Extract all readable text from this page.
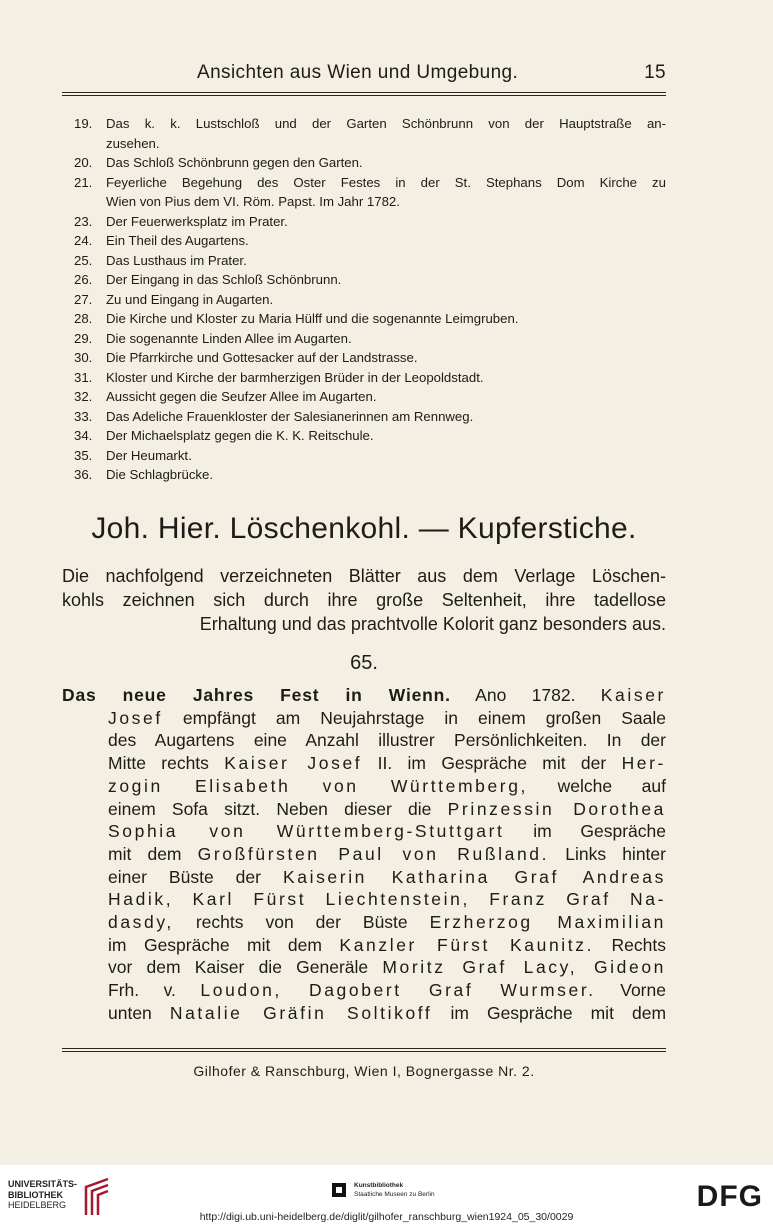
Ansichten aus Wien und Umgebung.	15
19.	Das k. k. Lustschloß und der Garten Schönbrunn von der Hauptstraße an-
zusehen.
20.	Das Schloß Schönbrunn gegen den Garten.
21.	Feyerliche Begehung des Oster Festes in der St. Stephans Dom Kirche zu
Wien von Pius dem VI. Röm. Papst. Im Jahr 1782.
23.	Der Feuerwerksplatz im Prater.
24.	Ein Theil des Augartens.
25.	Das Lusthaus im Prater.
26.	Der Eingang in das Schloß Schönbrunn.
27.	Zu und Eingang in Augarten.
28.	Die Kirche und Kloster zu Maria Hülff und die sogenannte Leimgruben.
29.	Die sogenannte Linden Allee im Augarten.
30.	Die Pfarrkirche und Gottesacker auf der Landstrasse.
31.	Kloster und Kirche der barmherzigen Brüder in der Leopoldstadt.
32.	Aussicht gegen die Seufzer Allee im Augarten.
33.	Das Adeliche Frauenkloster der Salesianerinnen am Rennweg.
34.	Der Michaelsplatz gegen die K. K. Reitschule.
35.	Der Heumarkt.
36.	Die Schlagbrücke.
Joh. Hier. Löschenkohl. — Kupferstiche.
Die nachfolgend verzeichneten Blätter aus dem Verlage Löschen-
kohls zeichnen sich durch ihre große Seltenheit, ihre tadellose
Erhaltung und das prachtvolle Kolorit ganz besonders aus.
65.
Das neue Jahres Fest in Wienn. Ano 1782. Kaiser
Josef empfängt am Neujahrstage in einem großen Saale
des Augartens eine Anzahl illustrer Persönlichkeiten. In der
Mitte rechts Kaiser Josef II. im Gespräche mit der Her-
zogin Elisabeth von Württemberg, welche auf
einem Sofa sitzt. Neben dieser die Prinzessin Dorothea
Sophia von Württemberg-Stuttgart im Gespräche
mit dem Großfürsten Paul von Rußland. Links hinter
einer Büste der Kaiserin Katharina Graf Andreas
Hadik, Karl Fürst Liechtenstein, Franz Graf Na-
dasdy, rechts von der Büste Erzherzog Maximilian
im Gespräche mit dem Kanzler Fürst Kaunitz. Rechts
vor dem Kaiser die Generäle Moritz Graf Lacy, Gideon
Frh. v. Loudon, Dagobert Graf Wurmser. Vorne
unten Natalie Gräfin Soltikoff im Gespräche mit dem
Gilhofer & Ranschburg, Wien I, Bognergasse Nr. 2.
UNIVERSITÄTS-
BIBLIOTHEK
HEIDELBERG
Kunstbibliothek
Staatliche Museen zu Berlin	DFG
http://digi.ub.uni-heidelberg.de/diglit/gilhofer_ranschburg_wien1924_05_30/0029
